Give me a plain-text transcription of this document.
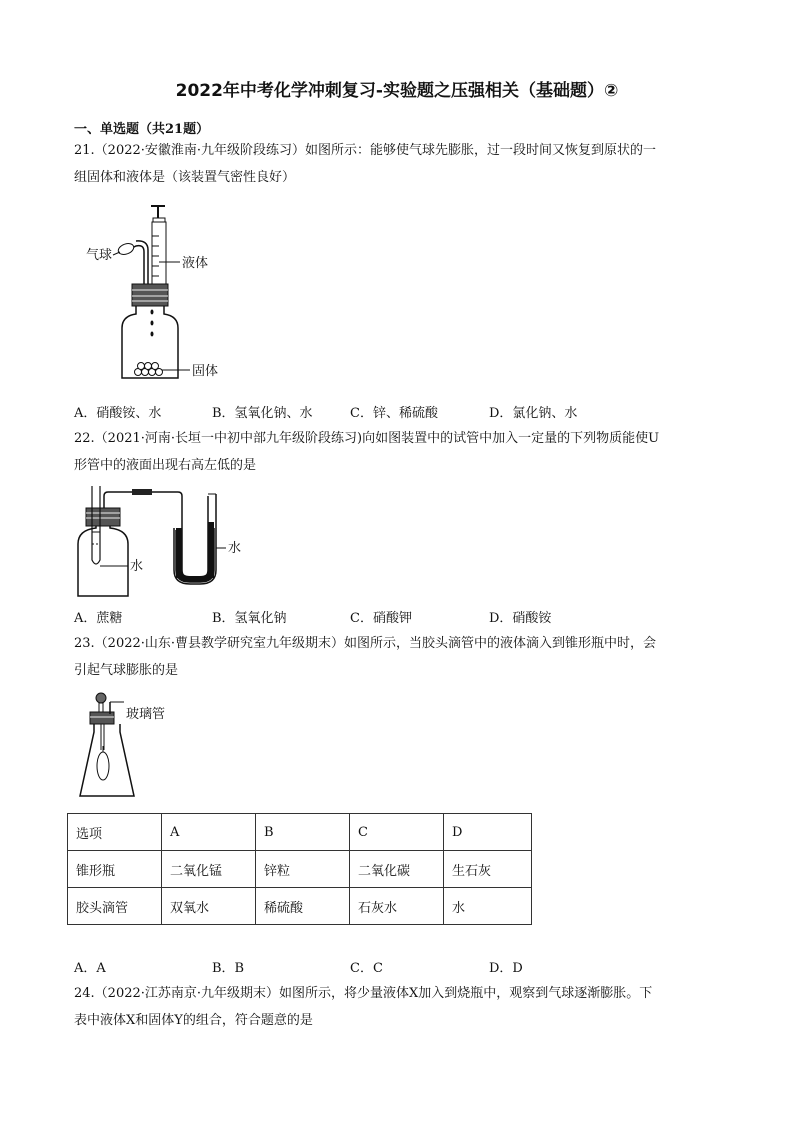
2022年中考化学冲刺复习-实验题之压强相关（基础题）②
一、单选题（共21题）
21.（2022·安徽淮南·九年级阶段练习）如图所示：能够使气球先膨胀，过一段时间又恢复到原状的一
组固体和液体是（该装置气密性良好）
气球
液体
固体
A．硝酸铵、水	B．氢氧化钠、水	C．锌、稀硫酸	D．氯化钠、水
22.（2021·河南·长垣一中初中部九年级阶段练习)向如图装置中的试管中加入一定量的下列物质能使U
形管中的液面出现右高左低的是
水
水
A．蔗糖	B．氢氧化钠	C．硝酸钾	D．硝酸铵
23.（2022·山东·曹县教学研究室九年级期末）如图所示，当胶头滴管中的液体滴入到锥形瓶中时，会
引起气球膨胀的是
玻璃管
选项	A	B	C	D
锥形瓶	二氧化锰	锌粒	二氧化碳	生石灰
胶头滴管	双氧水	稀硫酸	石灰水	水
A．A	B．B	C．C	D．D
24.（2022·江苏南京·九年级期末）如图所示，将少量液体X加入到烧瓶中，观察到气球逐渐膨胀。下
表中液体X和固体Y的组合，符合题意的是
